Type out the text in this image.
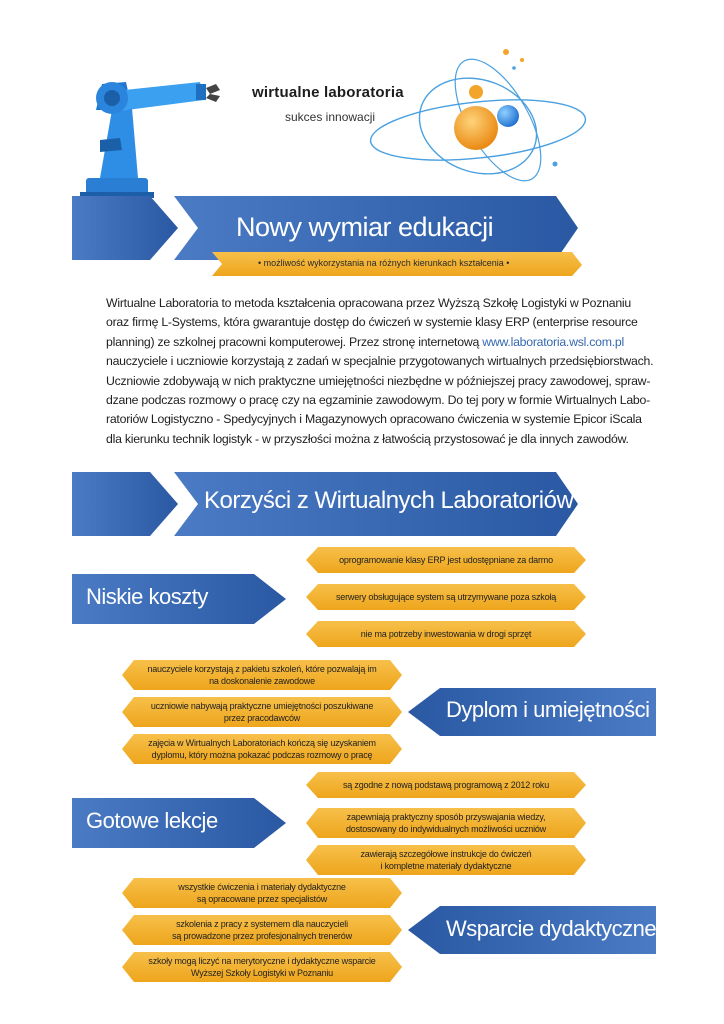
wirtualne laboratoria
sukces innowacji
Nowy wymiar edukacji
• możliwość wykorzystania na różnych kierunkach kształcenia •
Wirtualne Laboratoria to metoda kształcenia opracowana przez Wyższą Szkołę Logistyki w Poznaniu
oraz firmę L-Systems, która gwarantuje dostęp do ćwiczeń w systemie klasy ERP (enterprise resource
planning) ze szkolnej pracowni komputerowej. Przez stronę internetową www.laboratoria.wsl.com.pl
nauczyciele i uczniowie korzystają z zadań w specjalnie przygotowanych wirtualnych przedsiębiorstwach.
Uczniowie zdobywają w nich praktyczne umiejętności niezbędne w późniejszej pracy zawodowej, spraw-
dzane podczas rozmowy o pracę czy na egzaminie zawodowym. Do tej pory w formie Wirtualnych Labo-
ratoriów Logistyczno - Spedycyjnych i Magazynowych opracowano ćwiczenia w systemie Epicor iScala
dla kierunku technik logistyk - w przyszłości można z łatwością przystosować je dla innych zawodów.
Korzyści z Wirtualnych Laboratoriów
Niskie koszty
Dyplom i umiejętności
Gotowe lekcje
Wsparcie dydaktyczne
oprogramowanie klasy ERP jest udostępniane za darmo
serwery obsługujące system są utrzymywane poza szkołą
nie ma potrzeby inwestowania w drogi sprzęt
nauczyciele korzystają z pakietu szkoleń, które pozwalają im
na doskonalenie zawodowe
uczniowie nabywają praktyczne umiejętności poszukiwane
przez pracodawców
zajęcia w Wirtualnych Laboratoriach kończą się uzyskaniem
dyplomu, który można pokazać podczas rozmowy o pracę
są zgodne z nową podstawą programową z 2012 roku
zapewniają praktyczny sposób przyswajania wiedzy,
dostosowany do indywidualnych możliwości uczniów
zawierają szczegółowe instrukcje do ćwiczeń
i kompletne materiały dydaktyczne
wszystkie ćwiczenia i materiały dydaktyczne
są opracowane przez specjalistów
szkolenia z pracy z systemem dla nauczycieli
są prowadzone przez profesjonalnych trenerów
szkoły mogą liczyć na merytoryczne i dydaktyczne wsparcie
Wyższej Szkoły Logistyki w Poznaniu
